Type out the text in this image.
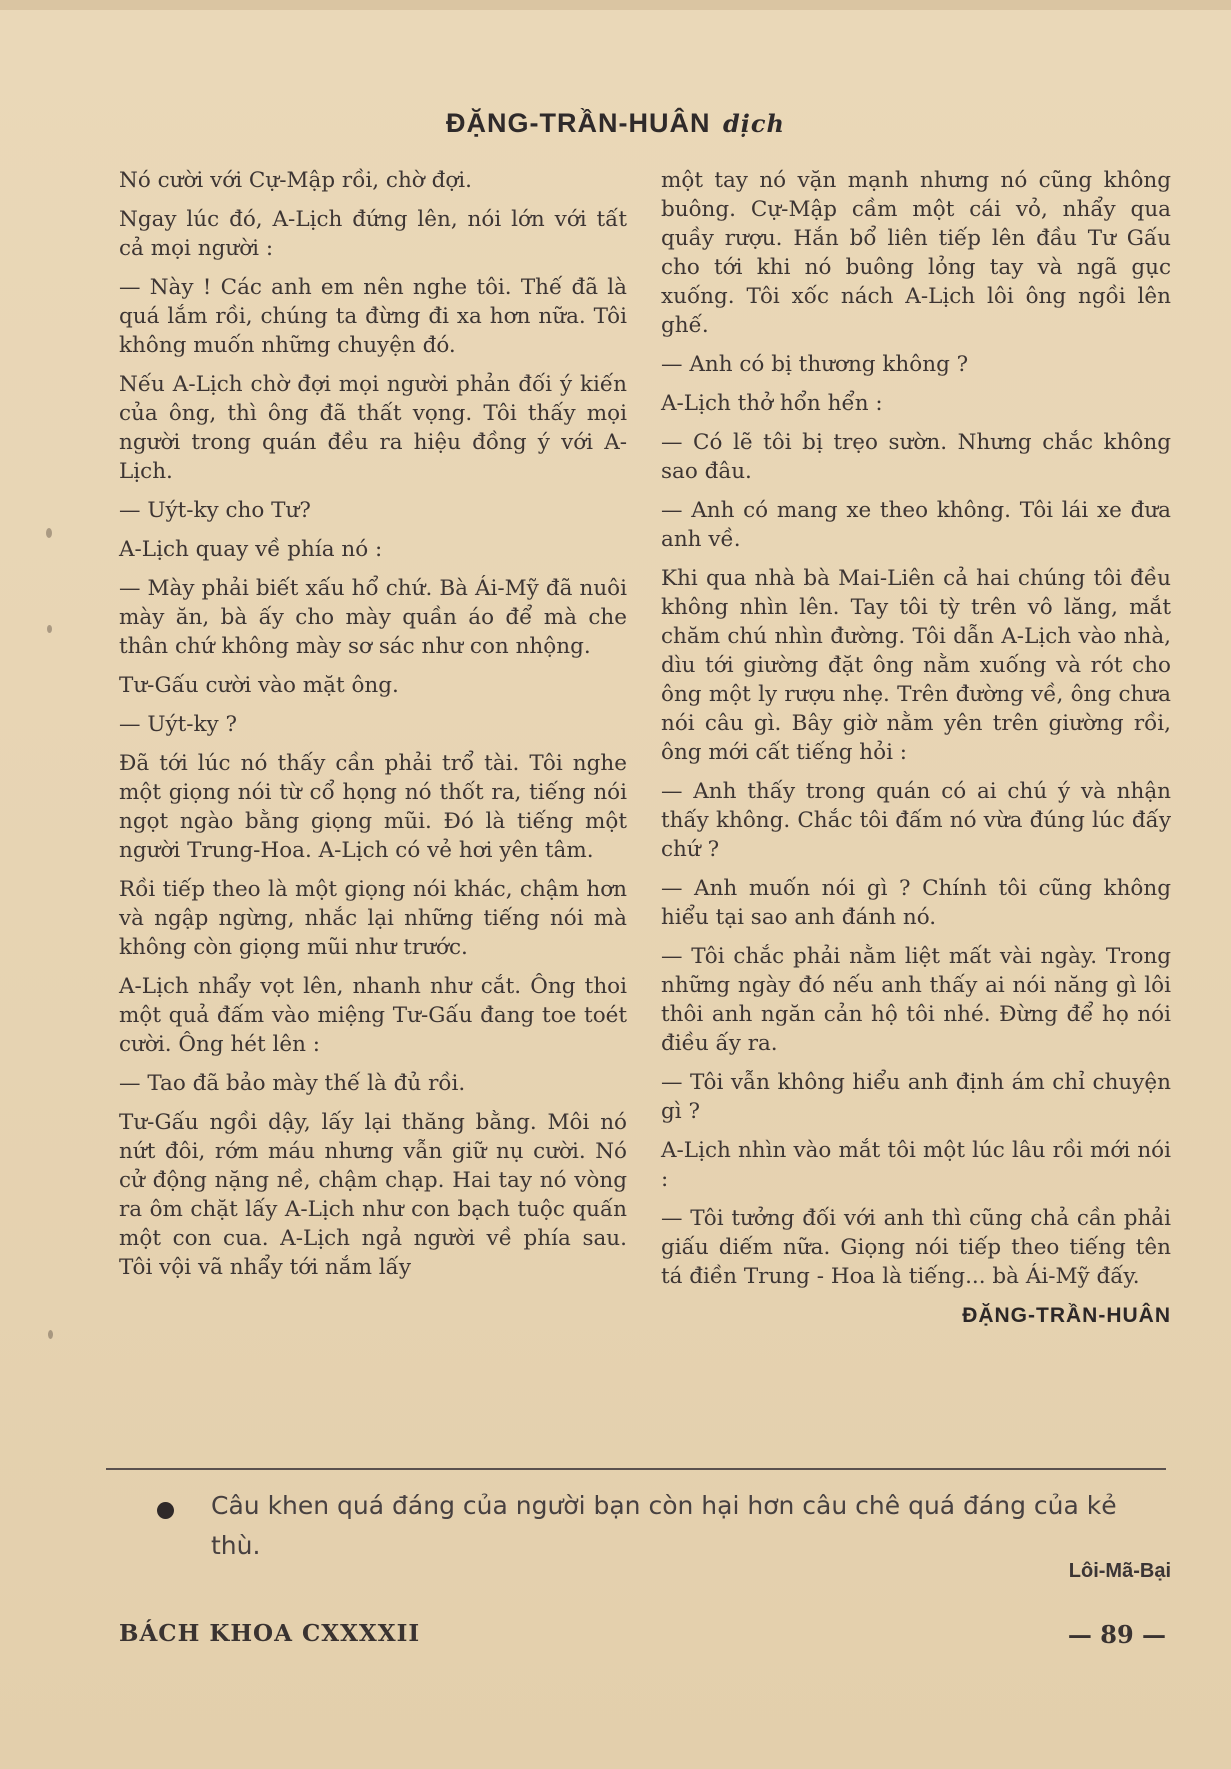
ĐẶNG-TRẦN-HUÂN dịch

Nó cười với Cự-Mập rồi, chờ đợi.

Ngay lúc đó, A-Lịch đứng lên, nói lớn với tất cả mọi người :

— Này ! Các anh em nên nghe tôi. Thế đã là quá lắm rồi, chúng ta đừng đi xa hơn nữa. Tôi không muốn những chuyện đó.

Nếu A-Lịch chờ đợi mọi người phản đối ý kiến của ông, thì ông đã thất vọng. Tôi thấy mọi người trong quán đều ra hiệu đồng ý với A-Lịch.

— Uýt-ky cho Tư?

A-Lịch quay về phía nó :

— Mày phải biết xấu hổ chứ. Bà Ái-Mỹ đã nuôi mày ăn, bà ấy cho mày quần áo để mà che thân chứ không mày sơ sác như con nhộng.

Tư-Gấu cười vào mặt ông.

— Uýt-ky ?

Đã tới lúc nó thấy cần phải trổ tài. Tôi nghe một giọng nói từ cổ họng nó thốt ra, tiếng nói ngọt ngào bằng giọng mũi. Đó là tiếng một người Trung-Hoa. A-Lịch có vẻ hơi yên tâm.

Rồi tiếp theo là một giọng nói khác, chậm hơn và ngập ngừng, nhắc lại những tiếng nói mà không còn giọng mũi như trước.

A-Lịch nhẩy vọt lên, nhanh như cắt. Ông thoi một quả đấm vào miệng Tư-Gấu đang toe toét cười. Ông hét lên :

— Tao đã bảo mày thế là đủ rồi.

Tư-Gấu ngồi dậy, lấy lại thăng bằng. Môi nó nứt đôi, rớm máu nhưng vẫn giữ nụ cười. Nó cử động nặng nề, chậm chạp. Hai tay nó vòng ra ôm chặt lấy A-Lịch như con bạch tuộc quấn một con cua. A-Lịch ngả người về phía sau. Tôi vội vã nhẩy tới nắm lấy

một tay nó vặn mạnh nhưng nó cũng không buông. Cự-Mập cầm một cái vỏ, nhẩy qua quầy rượu. Hắn bổ liên tiếp lên đầu Tư Gấu cho tới khi nó buông lỏng tay và ngã gục xuống. Tôi xốc nách A-Lịch lôi ông ngồi lên ghế.

— Anh có bị thương không ?

A-Lịch thở hổn hển :

— Có lẽ tôi bị trẹo sườn. Nhưng chắc không sao đâu.

— Anh có mang xe theo không. Tôi lái xe đưa anh về.

Khi qua nhà bà Mai-Liên cả hai chúng tôi đều không nhìn lên. Tay tôi tỳ trên vô lăng, mắt chăm chú nhìn đường. Tôi dẫn A-Lịch vào nhà, dìu tới giường đặt ông nằm xuống và rót cho ông một ly rượu nhẹ. Trên đường về, ông chưa nói câu gì. Bây giờ nằm yên trên giường rồi, ông mới cất tiếng hỏi :

— Anh thấy trong quán có ai chú ý và nhận thấy không. Chắc tôi đấm nó vừa đúng lúc đấy chứ ?

— Anh muốn nói gì ? Chính tôi cũng không hiểu tại sao anh đánh nó.

— Tôi chắc phải nằm liệt mất vài ngày. Trong những ngày đó nếu anh thấy ai nói năng gì lôi thôi anh ngăn cản hộ tôi nhé. Đừng để họ nói điều ấy ra.

— Tôi vẫn không hiểu anh định ám chỉ chuyện gì ?

A-Lịch nhìn vào mắt tôi một lúc lâu rồi mới nói :

— Tôi tưởng đối với anh thì cũng chả cần phải giấu diếm nữa. Giọng nói tiếp theo tiếng tên tá điền Trung - Hoa là tiếng... bà Ái-Mỹ đấy.

ĐẶNG-TRẦN-HUÂN
Câu khen quá đáng của người bạn còn hại hơn câu chê quá đáng của kẻ thù.
Lôi-Mã-Bại
BÁCH KHOA CXXXXII	— 89 —
